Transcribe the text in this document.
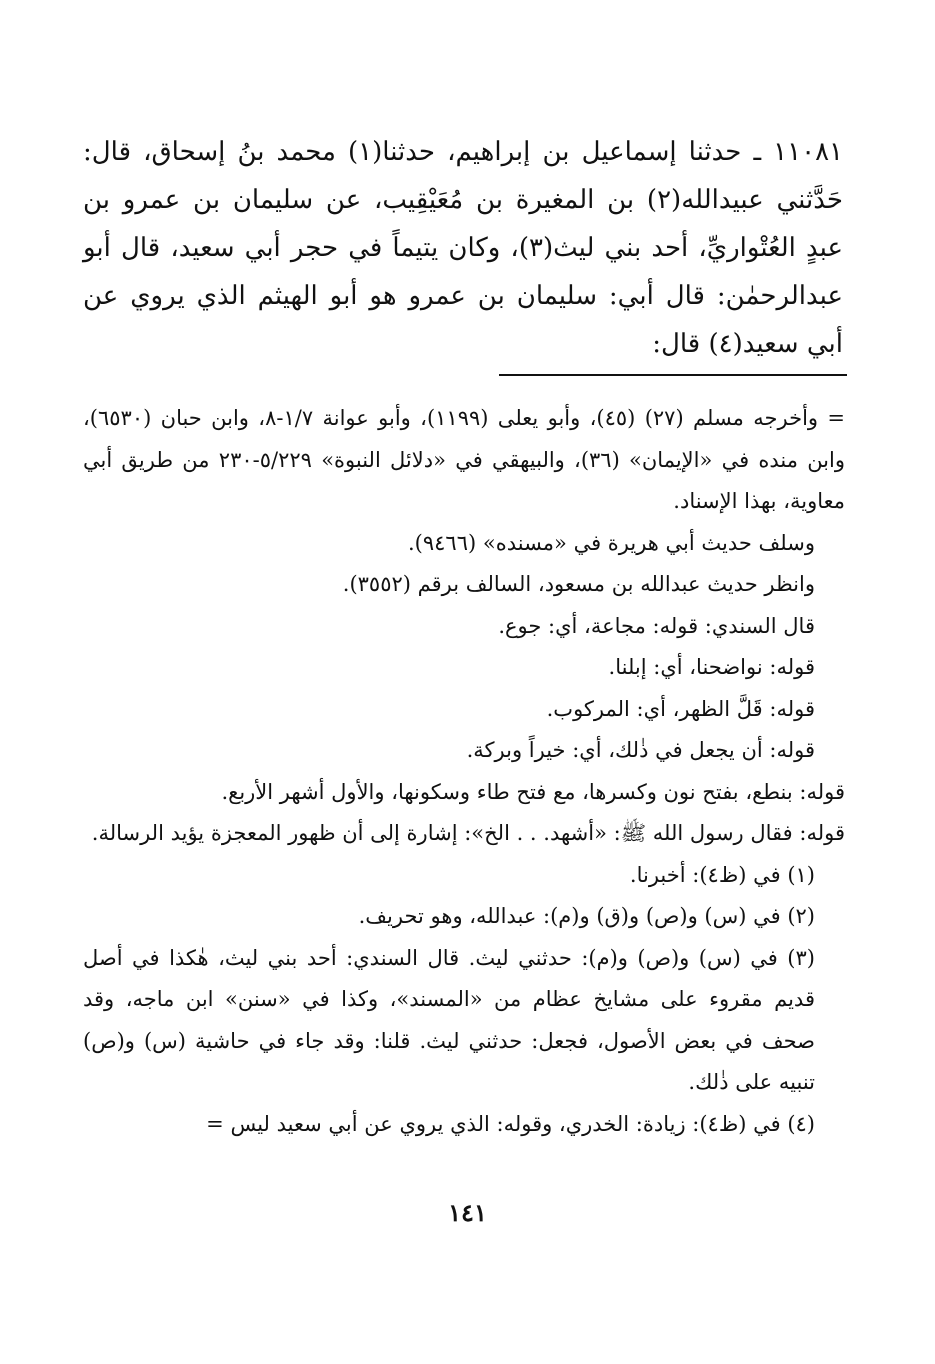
١١٠٨١ ـ حدثنا إسماعيل بن إبراهيم، حدثنا(١) محمد بنُ إسحاق، قال: حَدَّثني عبيدالله(٢) بن المغيرة بن مُعَيْقِيب، عن سليمان بن عمرو بن عبدٍ العُتْواريِّ، أحد بني ليث(٣)، وكان يتيماً في حجر أبي سعيد، قال أبو عبدالرحمٰن: قال أبي: سليمان بن عمرو هو أبو الهيثم الذي يروي عن أبي سعيد(٤) قال:

= وأخرجه مسلم (٢٧) (٤٥)، وأبو يعلى (١١٩٩)، وأبو عوانة ١/٧-٨، وابن حبان (٦٥٣٠)، وابن منده في «الإيمان» (٣٦)، والبيهقي في «دلائل النبوة» ٥/٢٢٩-٢٣٠ من طريق أبي معاوية، بهذا الإسناد.

وسلف حديث أبي هريرة في «مسنده» (٩٤٦٦).

وانظر حديث عبدالله بن مسعود، السالف برقم (٣٥٥٢).

قال السندي: قوله: مجاعة، أي: جوع.

قوله: نواضحنا، أي: إبلنا.

قوله: قَلَّ الظهر، أي: المركوب.

قوله: أن يجعل في ذٰلك، أي: خيراً وبركة.

قوله: بنطع، بفتح نون وكسرها، مع فتح طاء وسكونها، والأول أشهر الأربع.

قوله: فقال رسول الله ﷺ: «أشهد. . . الخ»: إشارة إلى أن ظهور المعجزة يؤيد الرسالة.

(١) في (ظ٤): أخبرنا.

(٢) في (س) و(ص) و(ق) و(م): عبدالله، وهو تحريف.

(٣) في (س) و(ص) و(م): حدثني ليث. قال السندي: أحد بني ليث، هٰكذا في أصل قديم مقروء على مشايخ عظام من «المسند»، وكذا في «سنن» ابن ماجه، وقد صحف في بعض الأصول، فجعل: حدثني ليث. قلنا: وقد جاء في حاشية (س) و(ص) تنبيه على ذٰلك.

(٤) في (ظ٤): زيادة: الخدري، وقوله: الذي يروي عن أبي سعيد ليس =

١٤١
